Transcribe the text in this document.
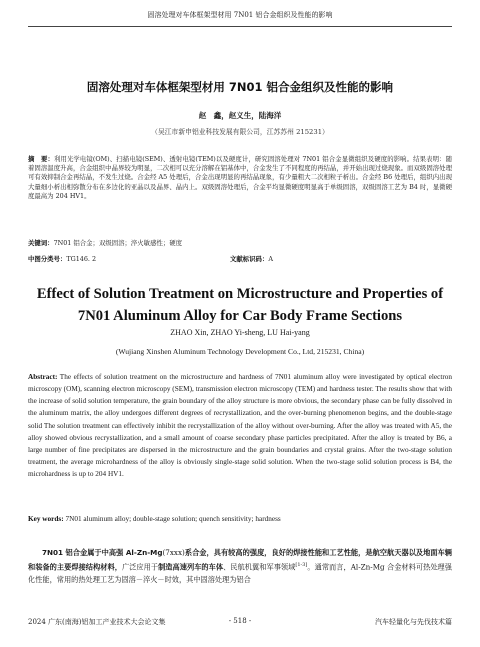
固溶处理对车体框架型材用 7N01 铝合金组织及性能的影响
固溶处理对车体框架型材用 7N01 铝合金组织及性能的影响
赵　鑫，赵义生，陆海洋
（吴江市新申铝业科技发展有限公司，江苏苏州 215231）
摘　要：利用光学电镜(OM)、扫描电镜(SEM)、透射电镜(TEM)以及硬度计，研究固溶处理对 7N01 铝合金显微组织及硬度的影响。结果表明：随着固溶温度升高，合金组织中晶界较为明显，二次相可以充分溶解在铝基体中，合金发生了不同程度的再结晶，并开始出现过烧现象。而双级固溶处理可有效抑制合金再结晶，不发生过烧。合金经 A5 处理后，合金出现明显的再结晶现象，有少量粗大二次相粒子析出。合金经 B6 处理后，组织内出现大量细小析出相弥散分布在多边化的亚晶以及晶界、晶内上。双级固溶处理后，合金平均显微硬度明显高于单级固溶，双级固溶工艺为 B4 时，显微硬度最高为 204 HV1。
关键词：7N01 铝合金；双级固溶；淬火敏感性；硬度
中图分类号：TG146. 2	文献标识码：A
Effect of Solution Treatment on Microstructure and Properties of 7N01 Aluminum Alloy for Car Body Frame Sections
ZHAO Xin, ZHAO Yi-sheng, LU Hai-yang
(Wujiang Xinshen Aluminum Technology Development Co., Ltd, 215231, China)
Abstract: The effects of solution treatment on the microstructure and hardness of 7N01 aluminum alloy were investigated by optical electron microscopy (OM), scanning electron microscopy (SEM), transmission electron microscopy (TEM) and hardness tester. The results show that with the increase of solid solution temperature, the grain boundary of the alloy structure is more obvious, the secondary phase can be fully dissolved in the aluminum matrix, the alloy undergoes different degrees of recrystallization, and the over-burning phenomenon begins, and the double-stage solid The solution treatment can effectively inhibit the recrystallization of the alloy without over-burning. After the alloy was treated with A5, the alloy showed obvious recrystallization, and a small amount of coarse secondary phase particles precipitated. After the alloy is treated by B6, a large number of fine precipitates are dispersed in the microstructure and the grain boundaries and crystal grains. After the two-stage solution treatment, the average microhardness of the alloy is obviously single-stage solid solution. When the two-stage solid solution process is B4, the microhardness is up to 204 HV1.
Key words: 7N01 aluminum alloy; double-stage solution; quench sensitivity; hardness
7N01 铝合金属于中高强 Al-Zn-Mg(7xxx)系合金，具有较高的强度，良好的焊接性能和工艺性能，是航空航天器以及地面车辆和装备的主要焊接结构材料，广泛应用于制造高速列车的车体、民航机翼和军事领域[1-3]。通常而言，Al-Zn-Mg 合金材料可热处理强化性能，常用的热处理工艺为固溶－淬火－时效，其中固溶处理为铝合
2024 广东(南海)铝加工产业技术大会论文集	- 518 -	汽车轻量化与先伐技术篇
